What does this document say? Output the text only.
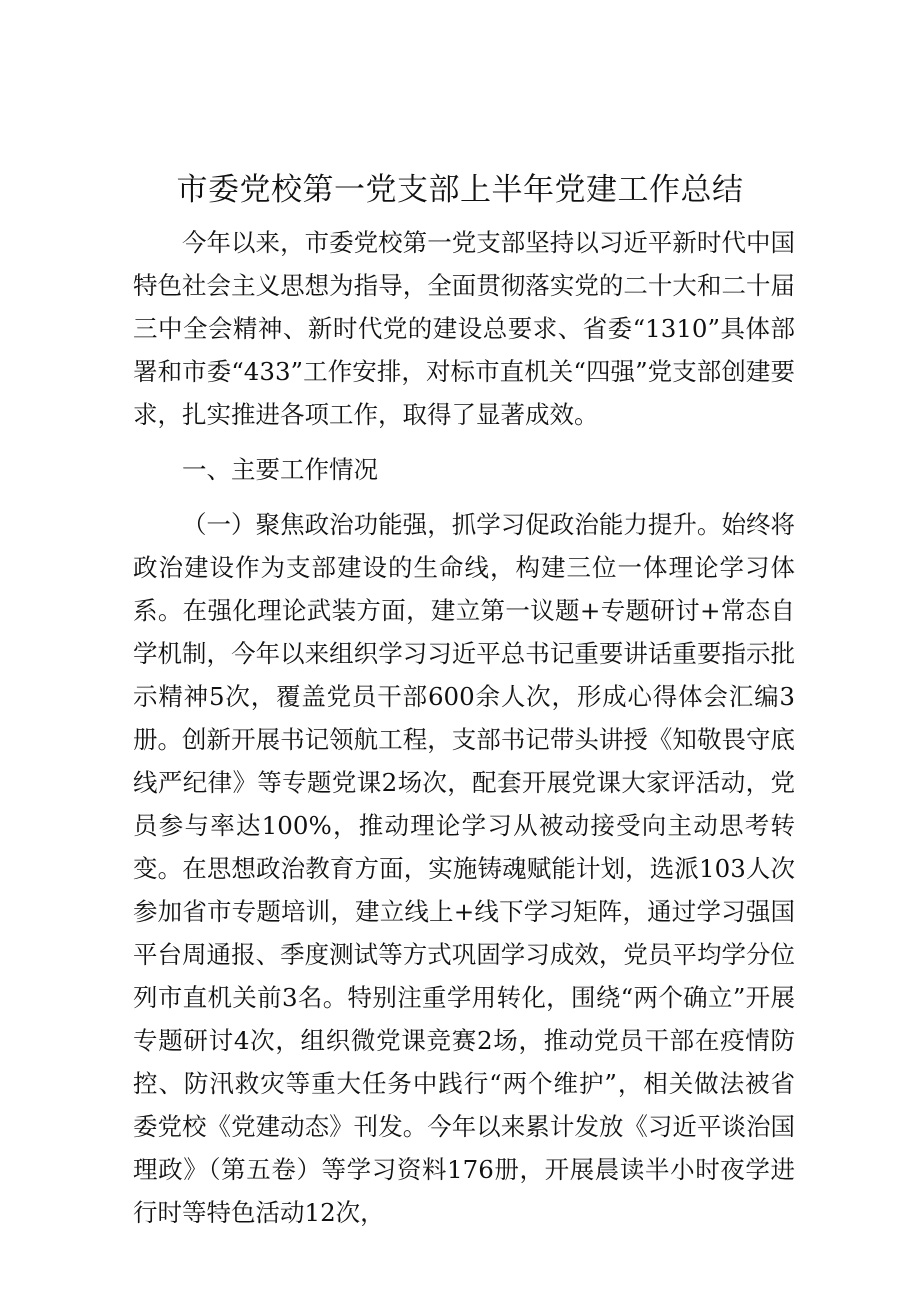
市委党校第一党支部上半年党建工作总结

今年以来，市委党校第一党支部坚持以习近平新时代中国特色社会主义思想为指导，全面贯彻落实党的二十大和二十届三中全会精神、新时代党的建设总要求、省委“1310”具体部署和市委“433”工作安排，对标市直机关“四强”党支部创建要求，扎实推进各项工作，取得了显著成效。

一、主要工作情况

（一）聚焦政治功能强，抓学习促政治能力提升。始终将政治建设作为支部建设的生命线，构建三位一体理论学习体系。在强化理论武装方面，建立第一议题+专题研讨+常态自学机制，今年以来组织学习习近平总书记重要讲话重要指示批示精神5次，覆盖党员干部600余人次，形成心得体会汇编3册。创新开展书记领航工程，支部书记带头讲授《知敬畏守底线严纪律》等专题党课2场次，配套开展党课大家评活动，党员参与率达100%，推动理论学习从被动接受向主动思考转变。在思想政治教育方面，实施铸魂赋能计划，选派103人次参加省市专题培训，建立线上+线下学习矩阵，通过学习强国平台周通报、季度测试等方式巩固学习成效，党员平均学分位列市直机关前3名。特别注重学用转化，围绕“两个确立”开展专题研讨4次，组织微党课竞赛2场，推动党员干部在疫情防控、防汛救灾等重大任务中践行“两个维护”，相关做法被省委党校《党建动态》刊发。今年以来累计发放《习近平谈治国理政》（第五卷）等学习资料176册，开展晨读半小时夜学进行时等特色活动12次，
